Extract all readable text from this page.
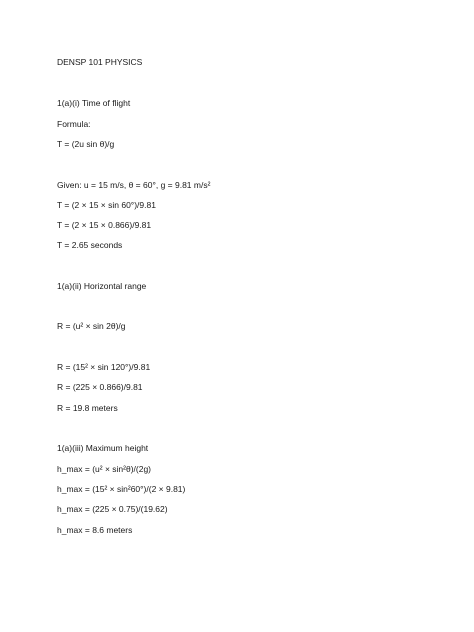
DENSP 101 PHYSICS
1(a)(i) Time of flight
Formula:
T = (2u sin θ)/g
Given: u = 15 m/s, θ = 60°, g = 9.81 m/s²
T = (2 × 15 × sin 60°)/9.81
T = (2 × 15 × 0.866)/9.81
T = 2.65 seconds
1(a)(ii) Horizontal range
R = (u² × sin 2θ)/g
R = (15² × sin 120°)/9.81
R = (225 × 0.866)/9.81
R = 19.8 meters
1(a)(iii) Maximum height
h_max = (u² × sin²θ)/(2g)
h_max = (15² × sin²60°)/(2 × 9.81)
h_max = (225 × 0.75)/(19.62)
h_max = 8.6 meters
